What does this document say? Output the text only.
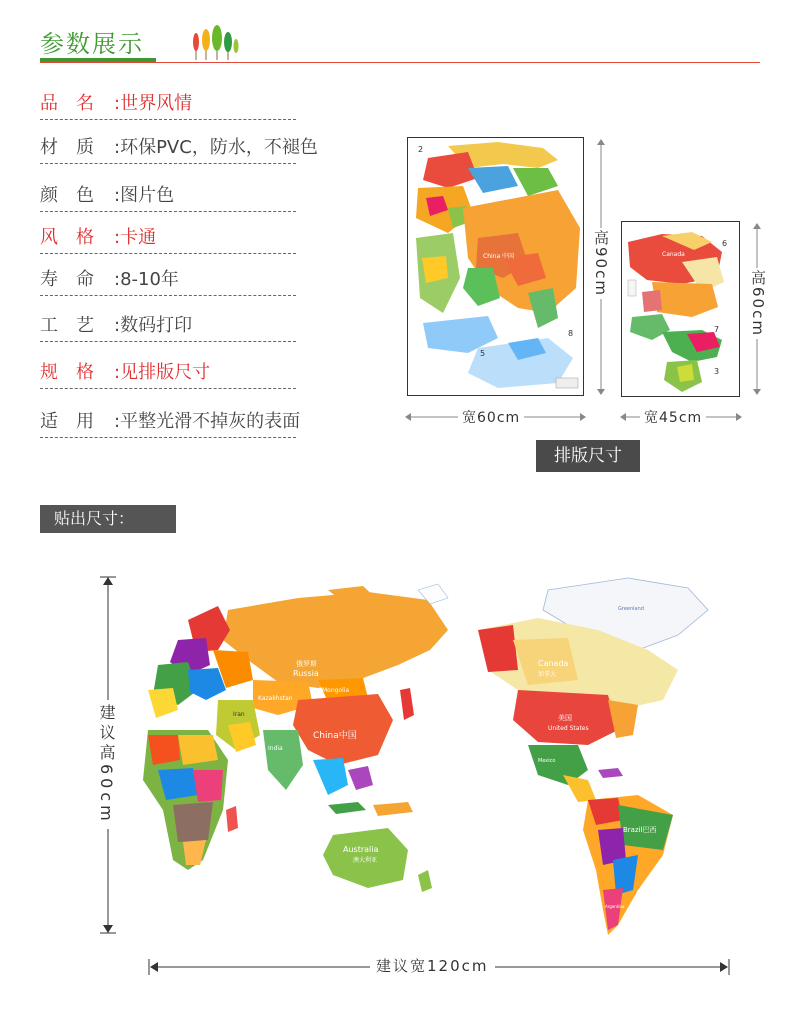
参数展示
品　名 :世界风情
材　质 :环保PVC，防水，不褪色
颜　色 :图片色
风　格 :卡通
寿　命 :8-10年
工　艺 :数码打印
规　格 :见排版尺寸
适　用 :平整光滑不掉灰的表面
China 中国
2
8
5
高90cm
宽60cm
Canada
6
7
3
高60cm
宽45cm
排版尺寸
贴出尺寸：
俄罗斯
Russia
Kazakhstan
Mongolia
China中国
India
Iran
Australia
澳大利亚
Canada
加拿大
美国
United States
Mexico
Brazil巴西
Greenland
Argentina
建议高60cm
建议宽120cm
